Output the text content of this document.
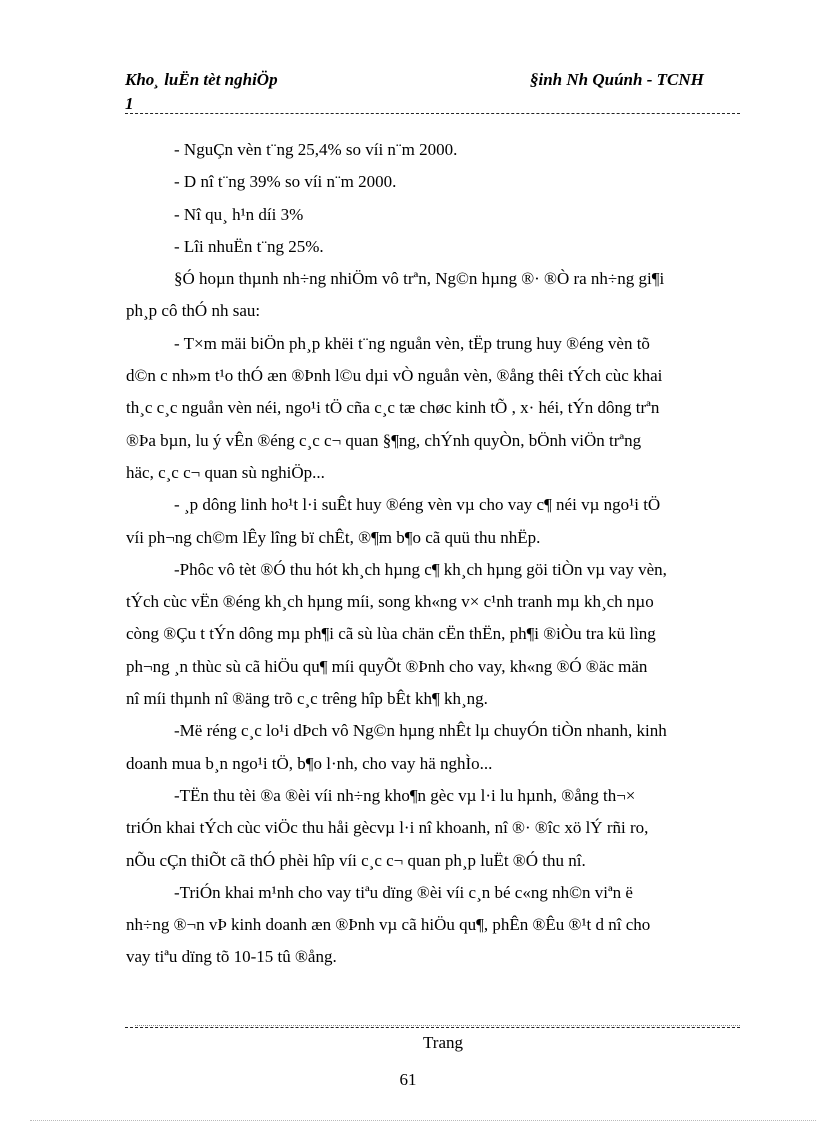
Kho¸ luËn tèt nghiÖp
1
§inh Nh Quúnh - TCNH
- NguÇn vèn t¨ng 25,4% so víi n¨m 2000.
- D nî t¨ng 39% so víi n¨m 2000.
- Nî qu¸ h¹n díi 3%
- Lîi nhuËn t¨ng 25%.
§Ó hoµn thµnh nh÷ng nhiÖm vô trªn, Ng©n hµng ®· ®Ò ra nh÷ng gi¶i
ph¸p cô thÓ nh sau:
- T×m mäi biÖn ph¸p khëi t¨ng nguån vèn, tËp trung huy ®éng vèn tõ
d©n c nh»m t¹o thÓ æn ®Þnh l©u dµi vÒ nguån vèn, ®ång thêi tÝch cùc khai
th¸c c¸c nguån vèn néi, ngo¹i tÖ cña c¸c tæ chøc kinh tÕ , x· héi, tÝn dông trªn
®Þa bµn, lu ý vÊn ®éng c¸c c¬ quan §¶ng, chÝnh quyÒn, bÖnh viÖn trªng
häc, c¸c c¬ quan sù nghiÖp...
- ¸p dông linh ho¹t l·i suÊt huy ®éng vèn vµ cho vay c¶ néi vµ ngo¹i tÖ
víi ph¬ng ch©m lÊy lîng bï chÊt, ®¶m b¶o cã quü thu nhËp.
-Phôc vô tèt ®Ó thu hót kh¸ch hµng c¶ kh¸ch hµng göi tiÒn vµ vay vèn,
tÝch cùc vËn ®éng kh¸ch hµng míi, song kh«ng v× c¹nh tranh mµ kh¸ch nµo
còng ®Çu t tÝn dông mµ ph¶i cã sù lùa chän cËn thËn, ph¶i ®iÒu tra kü lìng
ph¬ng ¸n thùc sù cã hiÖu qu¶ míi quyÕt ®Þnh cho vay, kh«ng ®Ó ®äc män
nî míi thµnh nî ®äng trõ c¸c trêng hîp bÊt kh¶ kh¸ng.
-Më réng c¸c lo¹i dÞch vô Ng©n hµng nhÊt lµ chuyÓn tiÒn nhanh, kinh
doanh mua b¸n ngo¹i tÖ, b¶o l·nh, cho vay hä nghÌo...
-TËn thu tèi ®a ®èi víi nh÷ng kho¶n gèc vµ l·i lu hµnh, ®ång th¬×
triÓn khai tÝch cùc viÖc thu håi gècvµ l·i nî khoanh, nî ®· ®îc xö lÝ rñi ro,
nÕu cÇn thiÕt cã thÓ phèi hîp víi c¸c c¬ quan ph¸p luËt ®Ó thu nî.
-TriÓn khai m¹nh cho vay tiªu dïng ®èi víi c¸n bé c«ng nh©n viªn ë
nh÷ng ®¬n vÞ kinh doanh æn ®Þnh vµ cã hiÖu qu¶, phÊn ®Êu ®¹t d nî cho
vay tiªu dïng tõ 10-15 tû ®ång.
Trang
61
